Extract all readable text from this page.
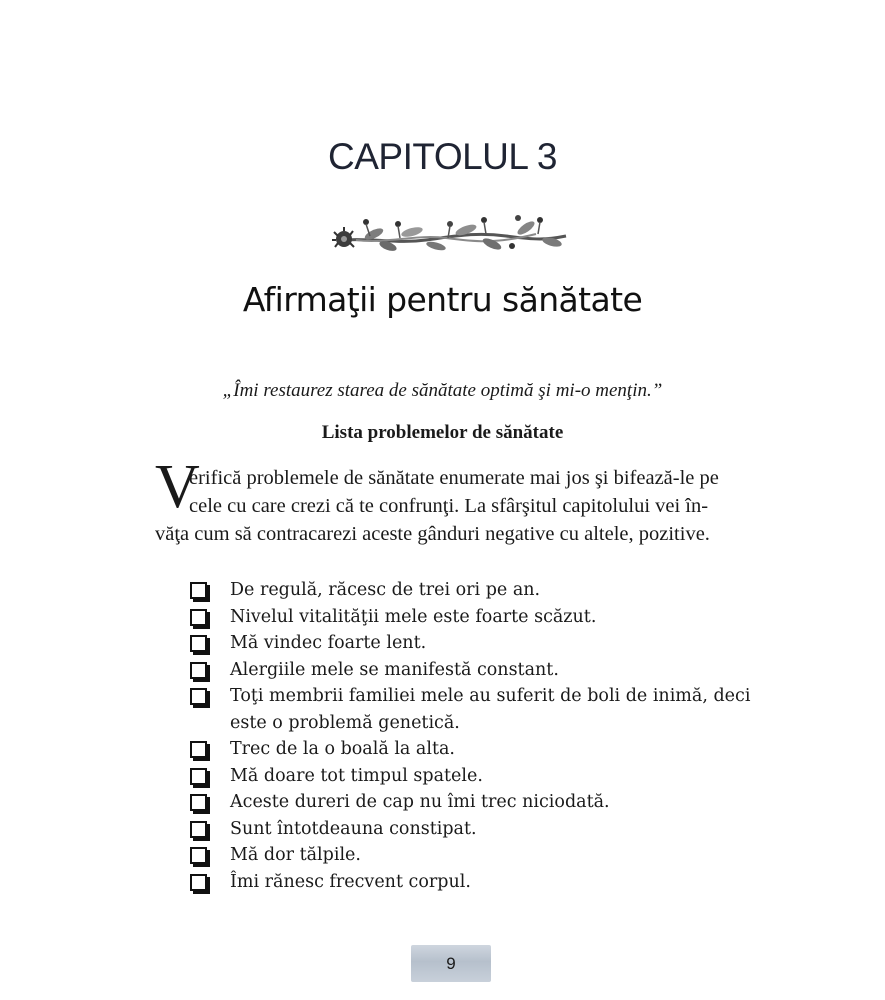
CAPITOLUL 3
Afirmaţii pentru sănătate
„Îmi restaurez starea de sănătate optimă şi mi-o menţin.”
Lista problemelor de sănătate
V
erifică problemele de sănătate enumerate mai jos şi bifează-le pe
cele cu care crezi că te confrunţi. La sfârşitul capitolului vei în-
văţa cum să contracarezi aceste gânduri negative cu altele, pozitive.
De regulă, răcesc de trei ori pe an.
Nivelul vitalităţii mele este foarte scăzut.
Mă vindec foarte lent.
Alergiile mele se manifestă constant.
Toţi membrii familiei mele au suferit de boli de inimă, deci este o problemă genetică.
Trec de la o boală la alta.
Mă doare tot timpul spatele.
Aceste dureri de cap nu îmi trec niciodată.
Sunt întotdeauna constipat.
Mă dor tălpile.
Îmi rănesc frecvent corpul.
9
